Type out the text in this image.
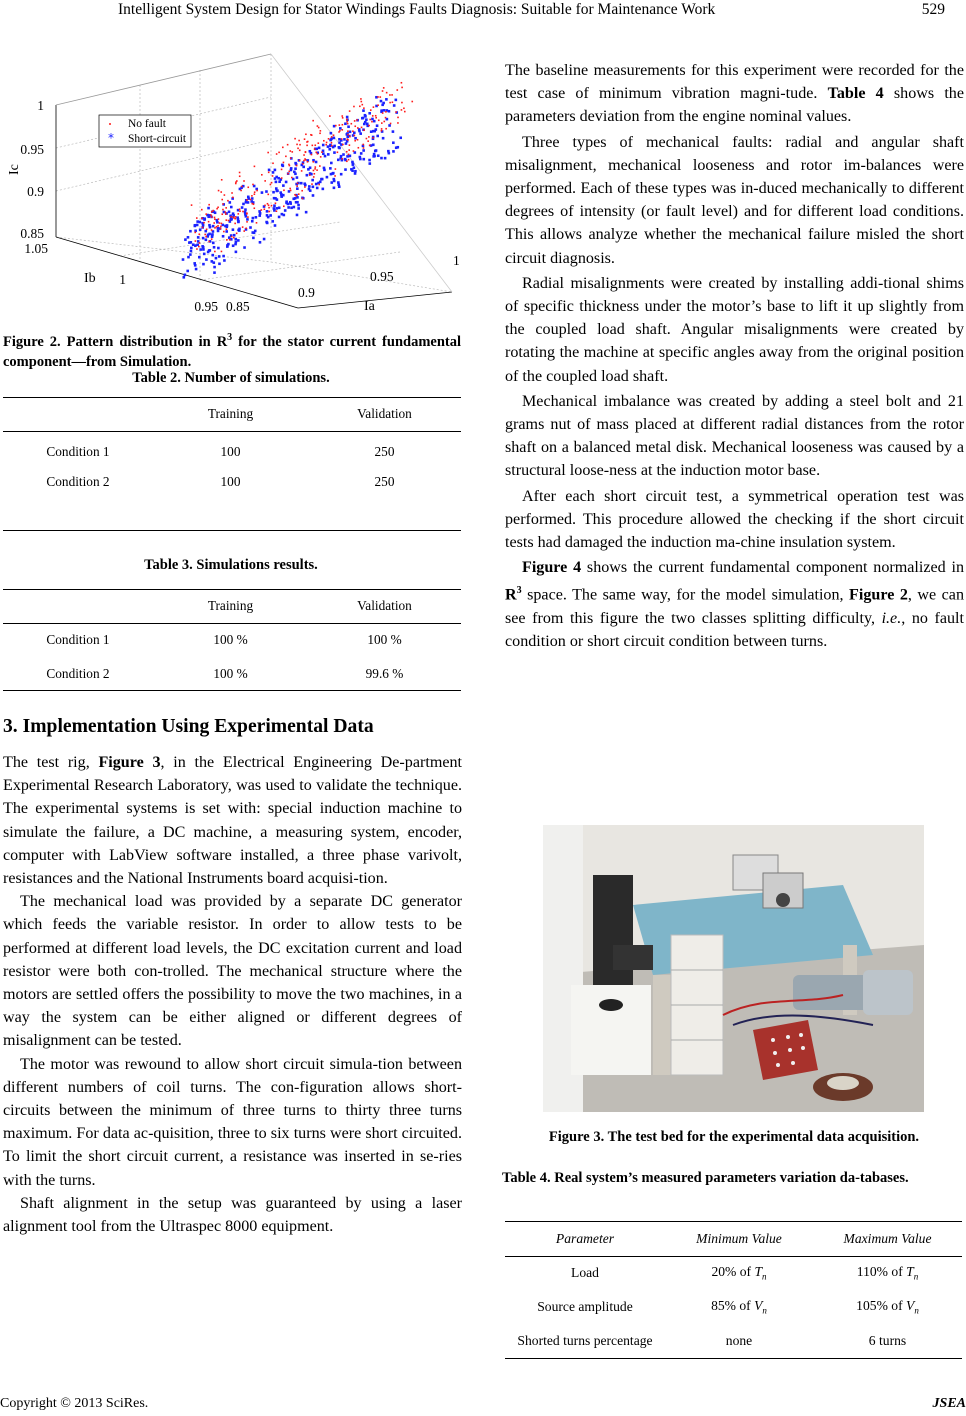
Intelligent System Design for Stator Windings Faults Diagnosis: Suitable for Maintenance Work	529
No fault
* Short-circuit
1
0.95
0.9
0.85
Ic
1.05
1
0.95
Ib
0.85
0.9
0.95
1
Ia
Figure 2. Pattern distribution in $R^3$ for the stator current fundamental component—from Simulation.
Table 2. Number of simulations.
	Training	Validation
Condition 1	100	250
Condition 2	100	250
Table 3. Simulations results.
	Training	Validation
Condition 1	100 %	100 %
Condition 2	100 %	99.6 %
3. Implementation Using Experimental Data

The test rig, Figure 3, in the Electrical Engineering De-partment Experimental Research Laboratory, was used to validate the technique. The experimental systems is set with: special induction machine to simulate the failure, a DC machine, a measuring system, encoder, computer with LabView software installed, a three phase varivolt, resistances and the National Instruments board acquisi-tion.

The mechanical load was provided by a separate DC generator which feeds the variable resistor. In order to allow tests to be performed at different load levels, the DC excitation current and load resistor were both con-trolled. The mechanical structure where the motors are settled offers the possibility to move the two machines, in a way the system can be either aligned or different degrees of misalignment can be tested.

The motor was rewound to allow short circuit simula-tion between different numbers of coil turns. The con-figuration allows short-circuits between the minimum of three turns to thirty three turns maximum. For data ac-quisition, three to six turns were short circuited. To limit the short circuit current, a resistance was inserted in se-ries with the turns.

Shaft alignment in the setup was guaranteed by using a laser alignment tool from the Ultraspec 8000 equipment.

The baseline measurements for this experiment were recorded for the test case of minimum vibration magni-tude. Table 4 shows the parameters deviation from the engine nominal values.

Three types of mechanical faults: radial and angular shaft misalignment, mechanical looseness and rotor im-balances were performed. Each of these types was in-duced mechanically to different degrees of intensity (or fault level) and for different load conditions. This allows analyze whether the mechanical failure misled the short circuit diagnosis.

Radial misalignments were created by installing addi-tional shims of specific thickness under the motor’s base to lift it up slightly from the coupled load shaft. Angular misalignments were created by rotating the machine at specific angles away from the original position of the coupled load shaft.

Mechanical imbalance was created by adding a steel bolt and 21 grams nut of mass placed at different radial distances from the rotor shaft on a balanced metal disk. Mechanical looseness was caused by a structural loose-ness at the induction motor base.

After each short circuit test, a symmetrical operation test was performed. This procedure allowed the checking if the short circuit tests had damaged the induction ma-chine insulation system.

Figure 4 shows the current fundamental component normalized in $R^3$ space. The same way, for the model simulation, Figure 2, we can see from this figure the two classes splitting difficulty, i.e., no fault condition or short circuit condition between turns.

Figure 3. The test bed for the experimental data acquisition.
Table 4. Real system’s measured parameters variation da-tabases.
Parameter	Minimum Value	Maximum Value
Load	20% of $T_n$	110% of $T_n$
Source amplitude	85% of $V_n$	105% of $V_n$
Shorted turns percentage	none	6 turns
Copyright © 2013 SciRes.	JSEA
